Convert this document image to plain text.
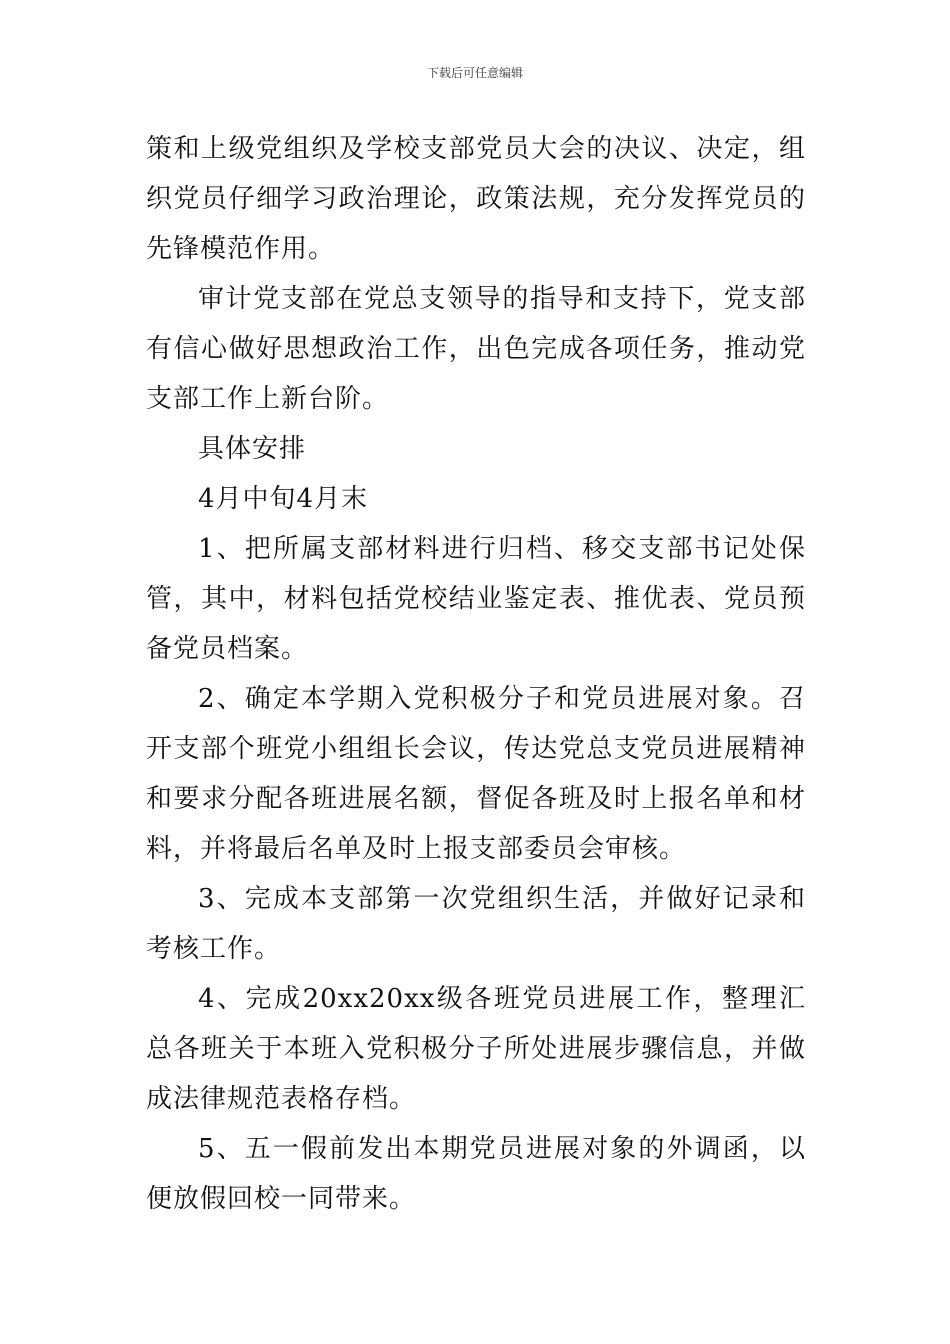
下载后可任意编辑

策和上级党组织及学校支部党员大会的决议、决定，组织党员仔细学习政治理论，政策法规，充分发挥党员的先锋模范作用。

审计党支部在党总支领导的指导和支持下，党支部有信心做好思想政治工作，出色完成各项任务，推动党支部工作上新台阶。

具体安排

4月中旬4月末

1、把所属支部材料进行归档、移交支部书记处保管，其中，材料包括党校结业鉴定表、推优表、党员预备党员档案。

2、确定本学期入党积极分子和党员进展对象。召开支部个班党小组组长会议，传达党总支党员进展精神和要求分配各班进展名额，督促各班及时上报名单和材料，并将最后名单及时上报支部委员会审核。

3、完成本支部第一次党组织生活，并做好记录和考核工作。

4、完成20xx20xx级各班党员进展工作，整理汇总各班关于本班入党积极分子所处进展步骤信息，并做成法律规范表格存档。

5、五一假前发出本期党员进展对象的外调函，以便放假回校一同带来。
